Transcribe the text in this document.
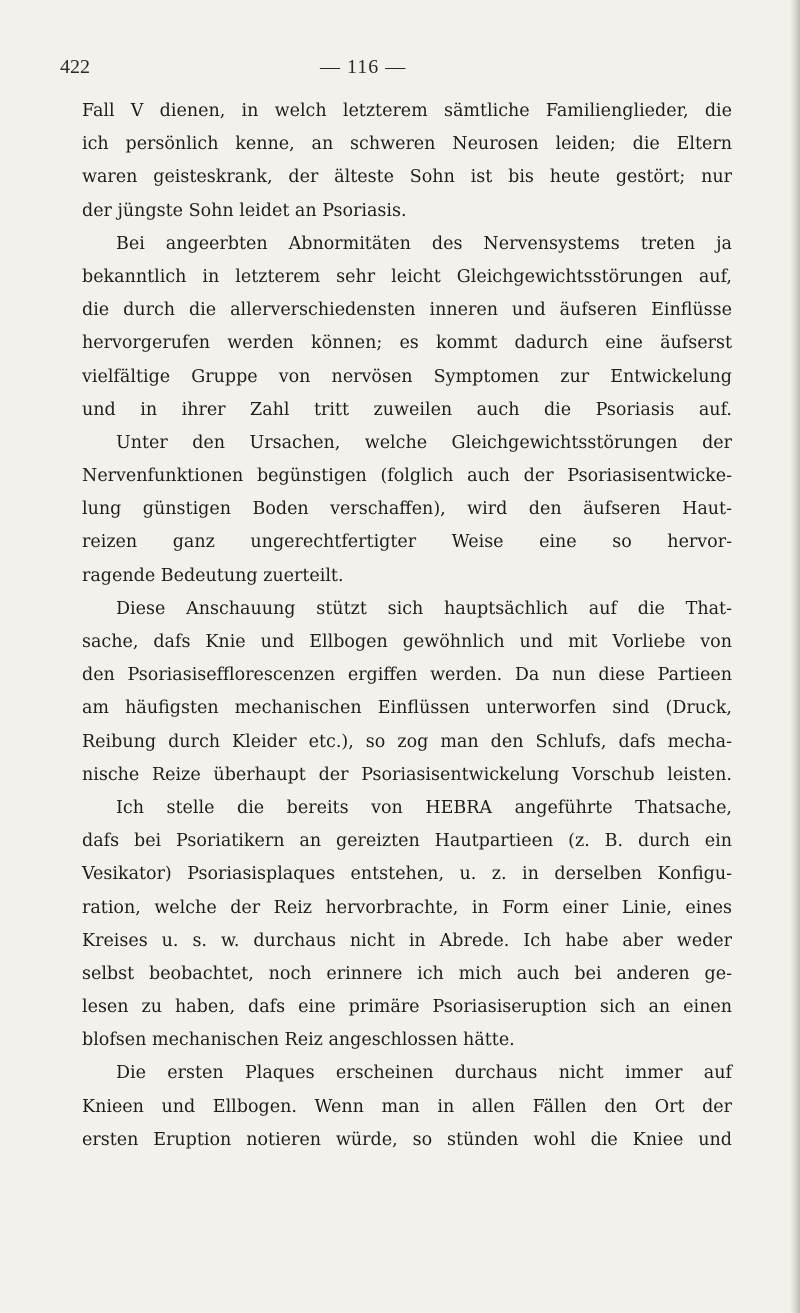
422	— 116 —
Fall V dienen, in welch letzterem sämtliche Familienglieder, die
ich persönlich kenne, an schweren Neurosen leiden; die Eltern
waren geisteskrank, der älteste Sohn ist bis heute gestört; nur
der jüngste Sohn leidet an Psoriasis.
Bei angeerbten Abnormitäten des Nervensystems treten ja
bekanntlich in letzterem sehr leicht Gleichgewichtsstörungen auf,
die durch die allerverschiedensten inneren und äufseren Einflüsse
hervorgerufen werden können; es kommt dadurch eine äufserst
vielfältige Gruppe von nervösen Symptomen zur Entwickelung
und in ihrer Zahl tritt zuweilen auch die Psoriasis auf.
Unter den Ursachen, welche Gleichgewichtsstörungen der
Nervenfunktionen begünstigen (folglich auch der Psoriasisentwicke-
lung günstigen Boden verschaffen), wird den äufseren Haut-
reizen ganz ungerechtfertigter Weise eine so hervor-
ragende Bedeutung zuerteilt.
Diese Anschauung stützt sich hauptsächlich auf die That-
sache, dafs Knie und Ellbogen gewöhnlich und mit Vorliebe von
den Psoriasisefflorescenzen ergiffen werden. Da nun diese Partieen
am häufigsten mechanischen Einflüssen unterworfen sind (Druck,
Reibung durch Kleider etc.), so zog man den Schlufs, dafs mecha-
nische Reize überhaupt der Psoriasisentwickelung Vorschub leisten.
Ich stelle die bereits von HEBRA angeführte Thatsache,
dafs bei Psoriatikern an gereizten Hautpartieen (z. B. durch ein
Vesikator) Psoriasisplaques entstehen, u. z. in derselben Konfigu-
ration, welche der Reiz hervorbrachte, in Form einer Linie, eines
Kreises u. s. w. durchaus nicht in Abrede. Ich habe aber weder
selbst beobachtet, noch erinnere ich mich auch bei anderen ge-
lesen zu haben, dafs eine primäre Psoriasiseruption sich an einen
blofsen mechanischen Reiz angeschlossen hätte.
Die ersten Plaques erscheinen durchaus nicht immer auf
Knieen und Ellbogen. Wenn man in allen Fällen den Ort der
ersten Eruption notieren würde, so stünden wohl die Kniee und
